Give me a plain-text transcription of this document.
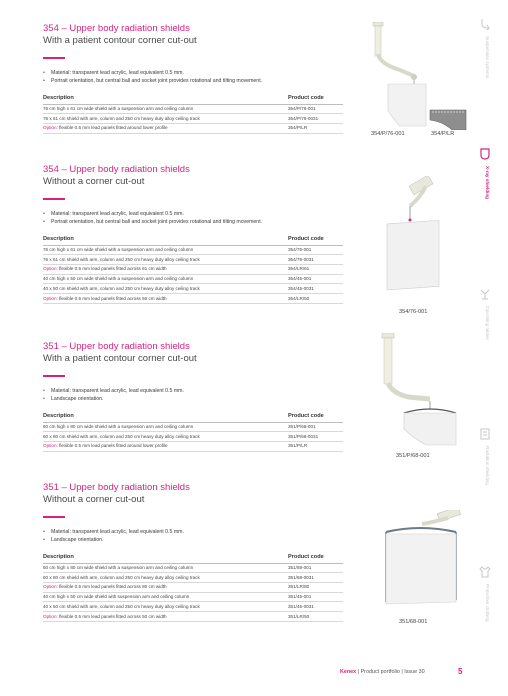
354 – Upper body radiation shields
With a patient contour corner cut-out
• Material: transparent lead acrylic, lead equivalent 0.5 mm.
• Portrait orientation, but central ball and socket joint provides rotational and tilting movement.
Description	Product code
76 cm high x 61 cm wide shield with a suspension arm and ceiling column	354/P/76-001
76 x 61 cm shield with arm, column and 250 cm heavy duty alloy ceiling track	354/P/76-0031
Option: flexible 0.5 mm lead panels fitted around lower profile	354/P/LR
354/P/76-001	354/P/LR
354 – Upper body radiation shields
Without a corner cut-out
• Material: transparent lead acrylic, lead equivalent 0.5 mm.
• Portrait orientation, but central ball and socket joint provides rotational and tilting movement.
Description	Product code
76 cm high x 61 cm wide shield with a suspension arm and ceiling column	354/76-001
76 x 61 cm shield with arm, column and 250 cm heavy duty alloy ceiling track	354/76-0031
Option: flexible 0.5 mm lead panels fitted across 61 cm width	354/LR/61
40 cm high x 50 cm wide shield with a suspension arm and ceiling column	354/45-001
40 x 50 cm shield with arm, column and 250 cm heavy duty alloy ceiling track	354/45-0031
Option: flexible 0.5 mm lead panels fitted across 50 cm width	354/LR/50
354/76-001
351 – Upper body radiation shields
With a patient contour corner cut-out
• Material: transparent lead acrylic, lead equivalent 0.5 mm.
• Landscape orientation.
Description	Product code
60 cm high x 80 cm wide shield with a suspension arm and ceiling column	351/P/68-001
60 x 80 cm shield with arm, column and 250 cm heavy duty alloy ceiling track	351/P/68-0031
Option: flexible 0.5 mm lead panels fitted around lower profile	351/P/LR
351/P/68-001
351 – Upper body radiation shields
Without a corner cut-out
• Material: transparent lead acrylic, lead equivalent 0.5 mm.
• Landscape orientation.
Description	Product code
60 cm high x 80 cm wide shield with a suspension arm and ceiling column	351/68-001
60 x 80 cm shield with arm, column and 250 cm heavy duty alloy ceiling track	351/68-0031
Option: flexible 0.5 mm lead panels fitted across 80 cm width	351/LR/80
40 cm high x 50 cm wide shield with suspension arm and ceiling column	351/45-001
40 x 50 cm shield with arm, column and 250 cm heavy duty alloy ceiling track	351/45-0031
Option: flexible 0.5 mm lead panels fitted across 50 cm width	351/LR/50
351/68-001
Suspension systems
X-ray shielding
Operating tables
Radiation shielding
Protective clothing
Kenex | Product portfolio | Issue 30	5
